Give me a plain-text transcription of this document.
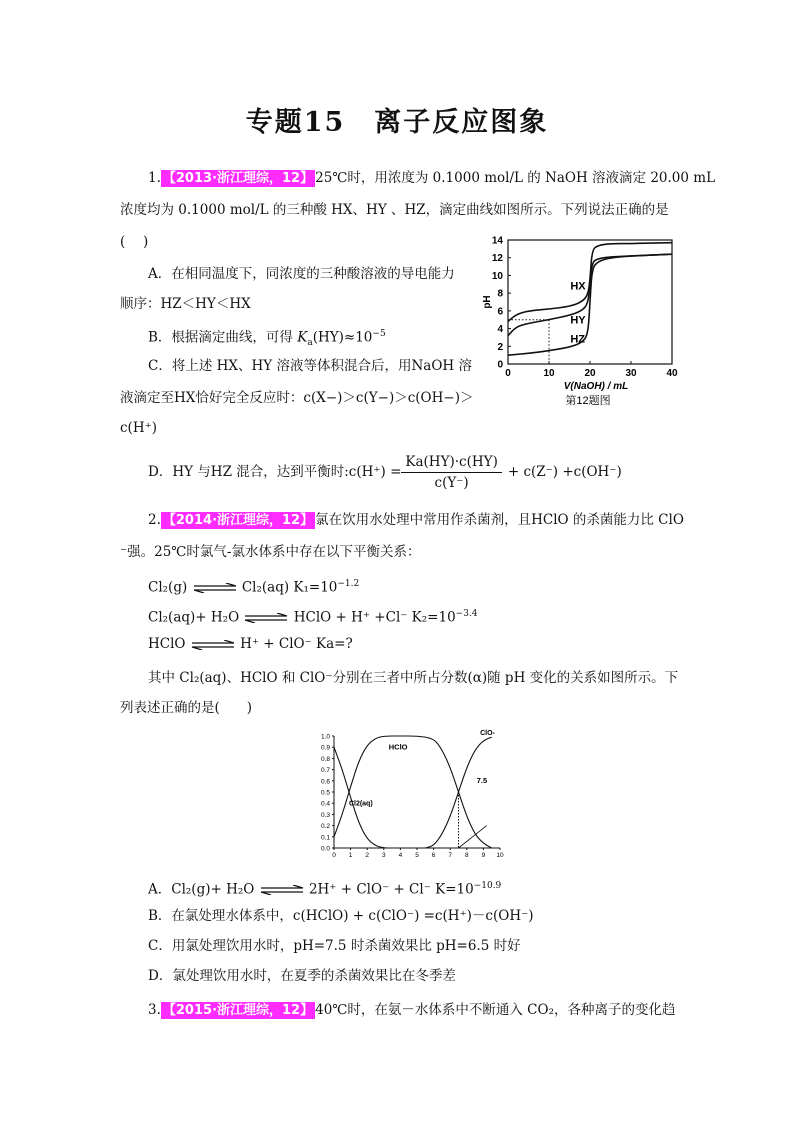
专题15　离子反应图象
1. 【2013·浙江理综，12】 25℃时，用浓度为 0.1000 mol/L 的 NaOH 溶液滴定 20.00 mL
浓度均为 0.1000 mol/L 的三种酸 HX、HY 、HZ，滴定曲线如图所示。下列说法正确的是
(　 )
A．在相同温度下，同浓度的三种酸溶液的导电能力
顺序：HZ＜HY＜HX
B．根据滴定曲线，可得 $K_a(HY)\approx 10^{-5}$
C．将上述 HX、HY 溶液等体积混合后，用NaOH 溶
液滴定至HX恰好完全反应时：c(X−)＞c(Y−)＞c(OH−)＞
c(H⁺)
D．HY 与HZ 混合，达到平衡时: $c(H^+) = \frac{Ka(HY)\cdot c(HY)}{c(Y^-)} + c(Z^-) +c(OH^-)$
0
2
4
6
8
10
12
14
0	10	20	30	40
pH
V(NaOH) / mL
第12题图
HX
HY
HZ
2. 【2014·浙江理综，12】 氯在饮用水处理中常用作杀菌剂，且HClO 的杀菌能力比 ClO
⁻强。25℃时氯气-氯水体系中存在以下平衡关系：
Cl₂(g) ⇌ Cl₂(aq) $K_1=10^{-1.2}$
Cl₂(aq)+ H₂O ⇌ HClO + H⁺ +Cl⁻ $K_2=10^{-3.4}$
HClO ⇌ H⁺ + ClO⁻ Ka=?
其中 Cl₂(aq)、HClO 和 ClO⁻分别在三者中所占分数(α)随 pH 变化的关系如图所示。下
列表述正确的是(　　)
0.0
0.1
0.2
0.3
0.4
0.5
0.6
0.7
0.8
0.9
1.0
0 1 2 3 4 5 6 7 8 9 10
7.5
HClO
Cl2(aq)
ClO-
A．Cl₂(g)+ H₂O ⇌ 2H⁺ + ClO⁻ + Cl⁻ $K=10^{-10.9}$
B．在氯处理水体系中，c(HClO) + c(ClO⁻) =c(H⁺)－c(OH⁻)
C．用氯处理饮用水时，pH=7.5 时杀菌效果比 pH=6.5 时好
D．氯处理饮用水时，在夏季的杀菌效果比在冬季差
3. 【2015·浙江理综，12】 40℃时，在氨－水体系中不断通入 CO₂，各种离子的变化趋
